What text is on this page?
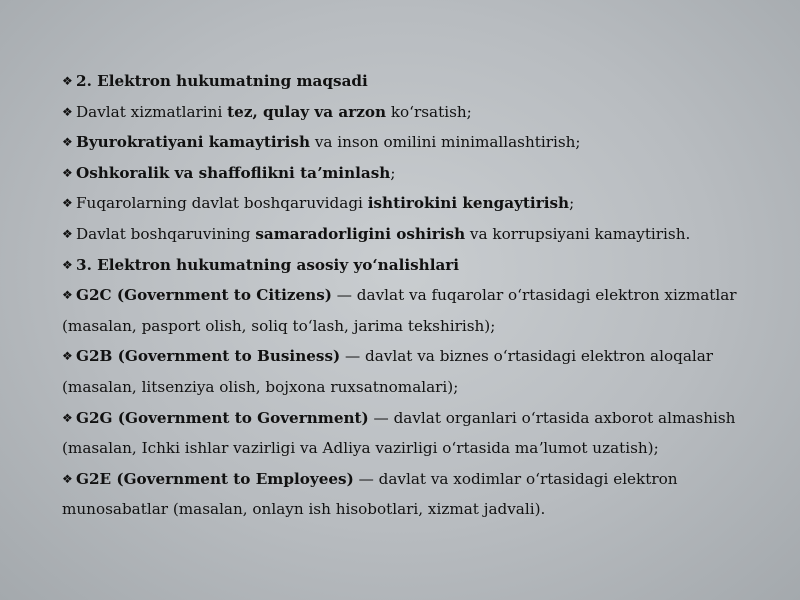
❖ 2. Elektron hukumatning maqsadi

❖ Davlat xizmatlarini tez, qulay va arzon koʻrsatish;

❖ Byurokratiyani kamaytirish va inson omilini minimallashtirish;

❖ Oshkoralik va shaffoflikni taʼminlash;

❖ Fuqarolarning davlat boshqaruvidagi ishtirokini kengaytirish;

❖ Davlat boshqaruvining samaradorligini oshirish va korrupsiyani kamaytirish.

❖ 3. Elektron hukumatning asosiy yoʻnalishlari

❖ G2C (Government to Citizens) — davlat va fuqarolar oʻrtasidagi elektron xizmatlar (masalan, pasport olish, soliq toʻlash, jarima tekshirish);

❖ G2B (Government to Business) — davlat va biznes oʻrtasidagi elektron aloqalar (masalan, litsenziya olish, bojxona ruxsatnomalari);

❖ G2G (Government to Government) — davlat organlari oʻrtasida axborot almashish (masalan, Ichki ishlar vazirligi va Adliya vazirligi oʻrtasida maʼlumot uzatish);

❖ G2E (Government to Employees) — davlat va xodimlar oʻrtasidagi elektron munosabatlar (masalan, onlayn ish hisobotlari, xizmat jadvali).
